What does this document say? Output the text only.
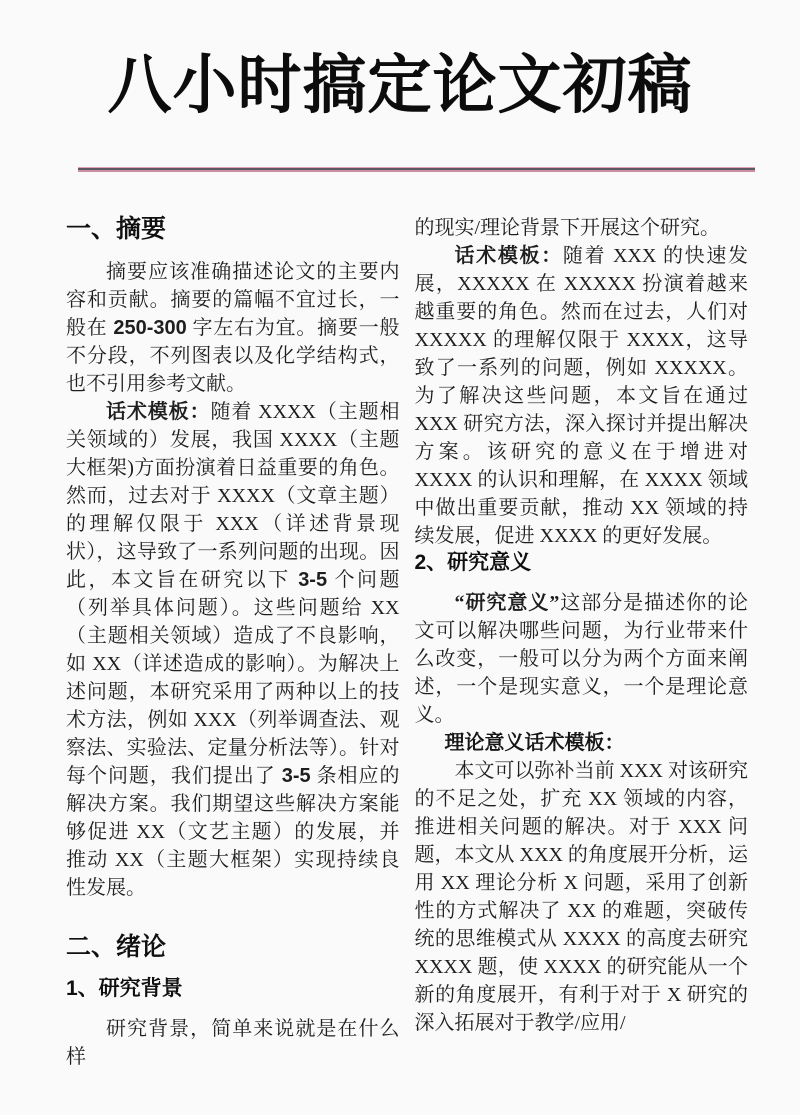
八小时搞定论文初稿
一、摘要

摘要应该准确描述论文的主要内容和贡献。摘要的篇幅不宜过长，一般在 250-300 字左右为宜。摘要一般不分段，不列图表以及化学结构式，也不引用参考文献。

话术模板：随着 XXXX（主题相关领域的）发展，我国 XXXX（主题大框架)方面扮演着日益重要的角色。然而，过去对于 XXXX（文章主题）的理解仅限于 XXX（详述背景现状），这导致了一系列问题的出现。因此，本文旨在研究以下 3-5 个问题（列举具体问题）。这些问题给 XX（主题相关领域）造成了不良影响，如 XX（详述造成的影响）。为解决上述问题，本研究采用了两种以上的技术方法，例如 XXX（列举调查法、观察法、实验法、定量分析法等）。针对每个问题，我们提出了 3-5 条相应的解决方案。我们期望这些解决方案能够促进 XX（文艺主题）的发展，并推动 XX（主题大框架）实现持续良性发展。

二、绪论
1、研究背景

研究背景，简单来说就是在什么样

的现实/理论背景下开展这个研究。

话术模板：随着 XXX 的快速发展，XXXXX 在 XXXXX 扮演着越来越重要的角色。然而在过去，人们对 XXXXX 的理解仅限于 XXXX，这导致了一系列的问题，例如 XXXXX。为了解决这些问题，本文旨在通过 XXX 研究方法，深入探讨并提出解决方案。该研究的意义在于增进对 XXXX 的认识和理解，在 XXXX 领域中做出重要贡献，推动 XX 领域的持续发展，促进 XXXX 的更好发展。

2、研究意义

“研究意义”这部分是描述你的论文可以解决哪些问题，为行业带来什么改变，一般可以分为两个方面来阐述，一个是现实意义，一个是理论意义。

理论意义话术模板：

本文可以弥补当前 XXX 对该研究的不足之处，扩充 XX 领域的内容，推进相关问题的解决。对于 XXX 问题，本文从 XXX 的角度展开分析，运用 XX 理论分析 X 问题，采用了创新性的方式解决了 XX 的难题，突破传统的思维模式从 XXXX 的高度去研究 XXXX 题，使 XXXX 的研究能从一个新的角度展开，有利于对于 X 研究的深入拓展对于教学/应用/
